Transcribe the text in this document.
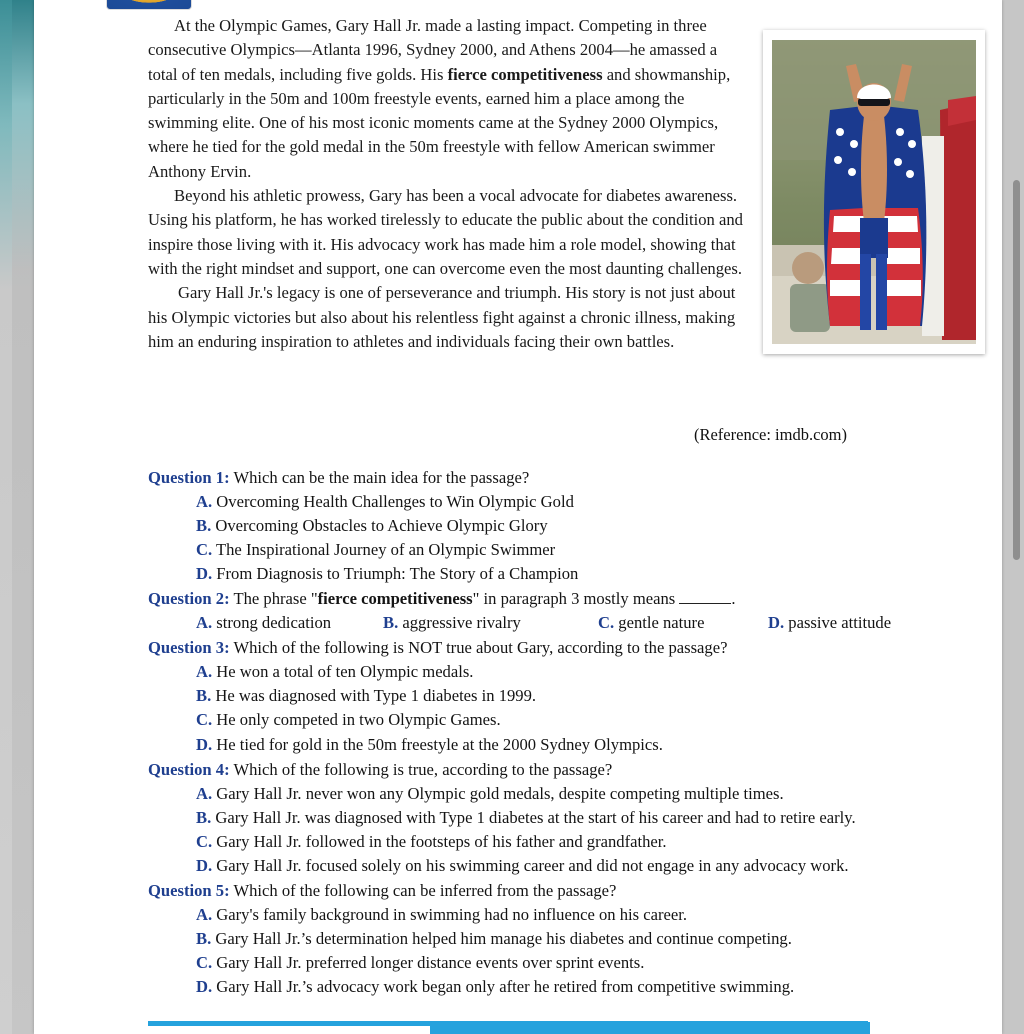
At the Olympic Games, Gary Hall Jr. made a lasting impact. Competing in three consecutive Olympics—Atlanta 1996, Sydney 2000, and Athens 2004—he amassed a total of ten medals, including five golds. His fierce competitiveness and showmanship, particularly in the 50m and 100m freestyle events, earned him a place among the swimming elite. One of his most iconic moments came at the Sydney 2000 Olympics, where he tied for the gold medal in the 50m freestyle with fellow American swimmer Anthony Ervin.

Beyond his athletic prowess, Gary has been a vocal advocate for diabetes awareness. Using his platform, he has worked tirelessly to educate the public about the condition and inspire those living with it. His advocacy work has made him a role model, showing that with the right mindset and support, one can overcome even the most daunting challenges.

Gary Hall Jr.'s legacy is one of perseverance and triumph. His story is not just about his Olympic victories but also about his relentless fight against a chronic illness, making him an enduring inspiration to athletes and individuals facing their own battles.

(Reference: imdb.com)
Question 1: Which can be the main idea for the passage?
A. Overcoming Health Challenges to Win Olympic Gold
B. Overcoming Obstacles to Achieve Olympic Glory
C. The Inspirational Journey of an Olympic Swimmer
D. From Diagnosis to Triumph: The Story of a Champion
Question 2: The phrase "fierce competitiveness" in paragraph 3 mostly means	.
A. strong dedication	B. aggressive rivalry	C. gentle nature	D. passive attitude
Question 3: Which of the following is NOT true about Gary, according to the passage?
A. He won a total of ten Olympic medals.
B. He was diagnosed with Type 1 diabetes in 1999.
C. He only competed in two Olympic Games.
D. He tied for gold in the 50m freestyle at the 2000 Sydney Olympics.
Question 4: Which of the following is true, according to the passage?
A. Gary Hall Jr. never won any Olympic gold medals, despite competing multiple times.
B. Gary Hall Jr. was diagnosed with Type 1 diabetes at the start of his career and had to retire early.
C. Gary Hall Jr. followed in the footsteps of his father and grandfather.
D. Gary Hall Jr. focused solely on his swimming career and did not engage in any advocacy work.
Question 5: Which of the following can be inferred from the passage?
A. Gary's family background in swimming had no influence on his career.
B. Gary Hall Jr.’s determination helped him manage his diabetes and continue competing.
C. Gary Hall Jr. preferred longer distance events over sprint events.
D. Gary Hall Jr.’s advocacy work began only after he retired from competitive swimming.
